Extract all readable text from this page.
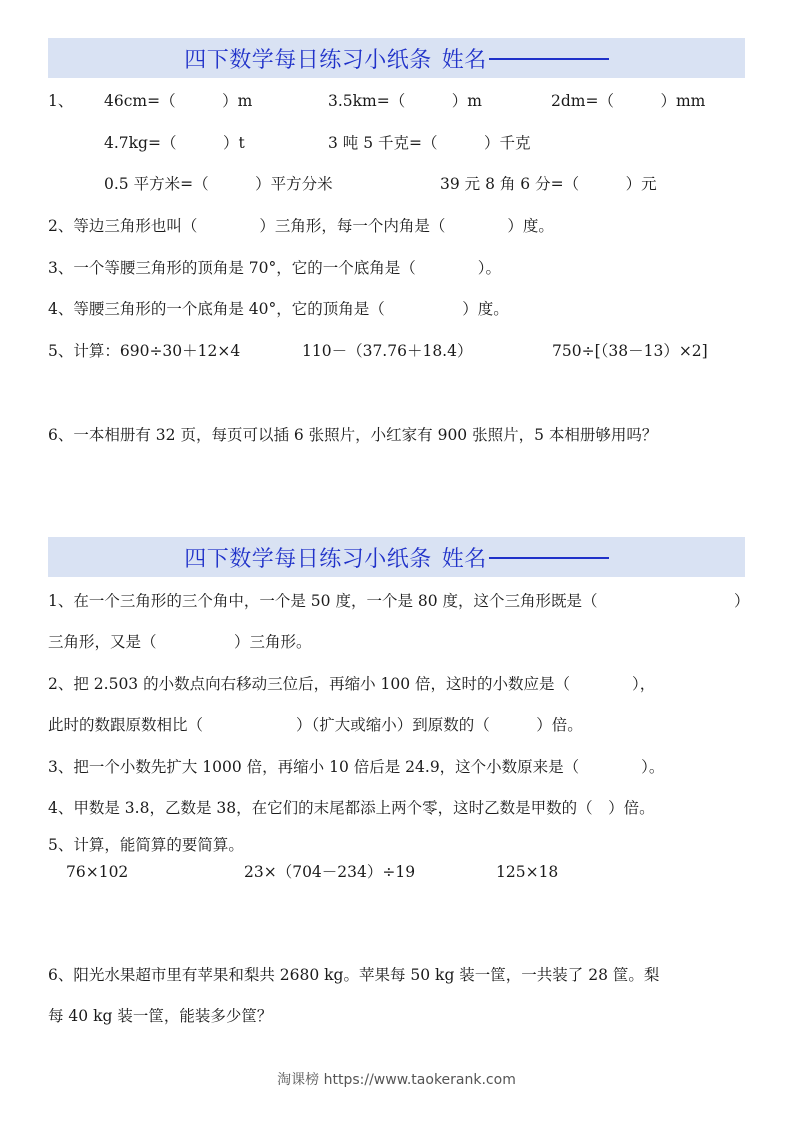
四下数学每日练习小纸条 姓名
1、 46cm=（　　　）m	3.5km=（　　　）m	2dm=（　　　）mm
4.7kg=（　　　）t	3 吨 5 千克=（　　　）千克
0.5 平方米=（　　　）平方分米	39 元 8 角 6 分=（　　　）元
2、等边三角形也叫（　　　　）三角形，每一个内角是（　　　　）度。
3、一个等腰三角形的顶角是 70°，它的一个底角是（　　　　）。
4、等腰三角形的一个底角是 40°，它的顶角是（　　　　　）度。
5、计算：690÷30＋12×4	110－（37.76＋18.4）	750÷[（38－13）×2]
6、一本相册有 32 页，每页可以插 6 张照片，小红家有 900 张照片，5 本相册够用吗？
四下数学每日练习小纸条 姓名
1、在一个三角形的三个角中，一个是 50 度，一个是 80 度，这个三角形既是（	）
三角形，又是（　　　　　）三角形。
2、把 2.503 的小数点向右移动三位后，再缩小 100 倍，这时的小数应是（　　　　），
此时的数跟原数相比（　　　　　　）（扩大或缩小）到原数的（　　　）倍。
3、把一个小数先扩大 1000 倍，再缩小 10 倍后是 24.9，这个小数原来是（　　　　）。
4、甲数是 3.8，乙数是 38，在它们的末尾都添上两个零，这时乙数是甲数的（　）倍。
5、计算，能简算的要简算。
76×102	23×（704－234）÷19	125×18
6、阳光水果超市里有苹果和梨共 2680 kg。苹果每 50 kg 装一筐，一共装了 28 筐。梨
每 40 kg 装一筐，能装多少筐？
淘课榜 https://www.taokerank.com
